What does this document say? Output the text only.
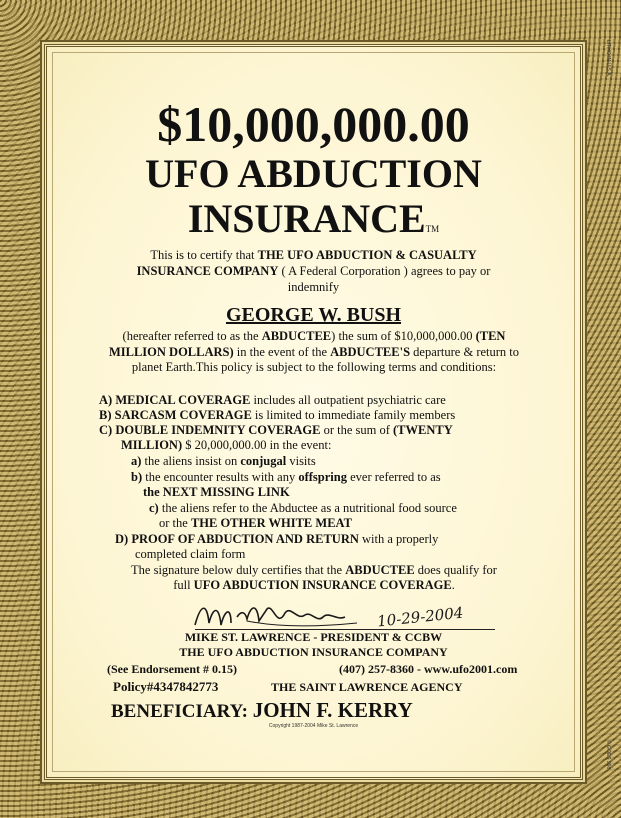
$10,000,000.00
UFO ABDUCTION
INSURANCETM
This is to certify that THE UFO ABDUCTION & CASUALTY INSURANCE COMPANY ( A Federal Corporation ) agrees to pay or indemnify
GEORGE W. BUSH
(hereafter referred to as the ABDUCTEE) the sum of $10,000,000.00 (TEN MILLION DOLLARS) in the event of the ABDUCTEE'S departure & return to planet Earth.This policy is subject to the following terms and conditions:
A) MEDICAL COVERAGE includes all outpatient psychiatric care
B) SARCASM COVERAGE is limited to immediate family members
C) DOUBLE INDEMNITY COVERAGE or the sum of (TWENTY
MILLION) $ 20,000,000.00 in the event:
a) the aliens insist on conjugal visits
b) the encounter results with any offspring ever referred to as
the NEXT MISSING LINK
c) the aliens refer to the Abductee as a nutritional food source
or the THE OTHER WHITE MEAT
D) PROOF OF ABDUCTION AND RETURN with a properly
completed claim form
The signature below duly certifies that the ABDUCTEE does qualify for
full UFO ABDUCTION INSURANCE COVERAGE.
10-29-2004
MIKE ST. LAWRENCE - PRESIDENT & CCBW
THE UFO ABDUCTION INSURANCE COMPANY
(See Endorsement # 0.15)	(407) 257-8360 - www.ufo2001.com
Policy#4347842773	THE SAINT LAWRENCE AGENCY
BENEFICIARY: JOHN F. KERRY
Copyright 1987-2004 Mike St. Lawrence
LITHO IN U.S.A.
© GOES 998
